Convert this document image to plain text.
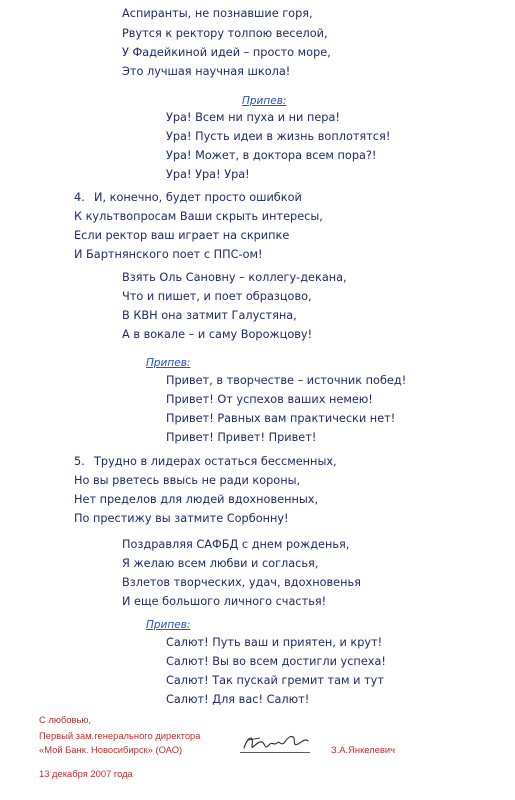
Аспиранты, не познавшие горя,
Рвутся к ректору толпою веселой,
У Фадейкиной идей – просто море,
Это лучшая научная школа!
Припев:
Ура! Всем ни пуха и ни пера!
Ура! Пусть идеи в жизнь воплотятся!
Ура! Может, в доктора всем пора?!
Ура! Ура! Ура!
4. И, конечно, будет просто ошибкой
К культвопросам Ваши скрыть интересы,
Если ректор ваш играет на скрипке
И Бартнянского поет с ППС-ом!
Взять Оль Сановну – коллегу-декана,
Что и пишет, и поет образцово,
В КВН она затмит Галустяна,
А в вокале – и саму Ворожцову!
Припев:
Привет, в творчестве – источник побед!
Привет! От успехов ваших немею!
Привет! Равных вам практически нет!
Привет! Привет! Привет!
5. Трудно в лидерах остаться бессменных,
Но вы рветесь ввысь не ради короны,
Нет пределов для людей вдохновенных,
По престижу вы затмите Сорбонну!
Поздравляя САФБД с днем рожденья,
Я желаю всем любви и согласья,
Взлетов творческих, удач, вдохновенья
И еще большого личного счастья!
Припев:
Салют! Путь ваш и приятен, и крут!
Салют! Вы во всем достигли успеха!
Салют! Так пускай гремит там и тут
Салют! Для вас! Салют!
С любовью,
Первый зам.генерального директора
«Мой Банк. Новосибирск» (ОАО)	З.А.Янкелевич
13 декабря 2007 года
